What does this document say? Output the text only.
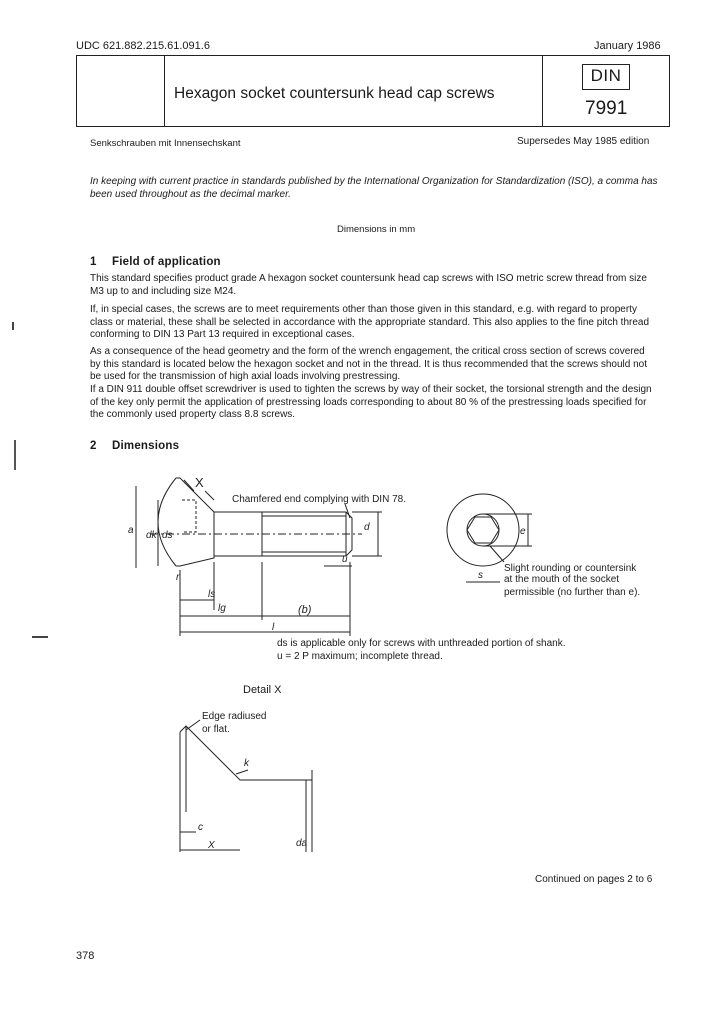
UDC 621.882.215.61.091.6	January 1986
Hexagon socket countersunk head cap screws
DIN
7991
Senkschrauben mit Innensechskant	Supersedes May 1985 edition
In keeping with current practice in standards published by the International Organization for Standardization (ISO), a comma has been used throughout as the decimal marker.
Dimensions in mm
1 Field of application
This standard specifies product grade A hexagon socket countersunk head cap screws with ISO metric screw thread from size M3 up to and including size M24.
If, in special cases, the screws are to meet requirements other than those given in this standard, e.g. with regard to property class or material, these shall be selected in accordance with the appropriate standard. This also applies to the fine pitch thread conforming to DIN 13 Part 13 required in exceptional cases.
As a consequence of the head geometry and the form of the wrench engagement, the critical cross section of screws covered by this standard is located below the hexagon socket and not in the thread. It is thus recommended that the screws should not be used for the transmission of high axial loads involving prestressing.
If a DIN 911 double offset screwdriver is used to tighten the screws by way of their socket, the torsional strength and the design of the key only permit the application of prestressing loads corresponding to about 80 % of the prestressing loads specified for the commonly used property class 8.8 screws.
2 Dimensions
X
Chamfered end complying with DIN 78.
a dk ds
d
u
r
ls
lg	(b)
l
e
Slight rounding or countersink
at the mouth of the socket
permissible (no further than e).
s
ds is applicable only for screws with unthreaded portion of shank.
u = 2 P maximum; incomplete thread.
Detail X
Edge radiused
or flat.
k
da
c
X
Continued on pages 2 to 6
378
